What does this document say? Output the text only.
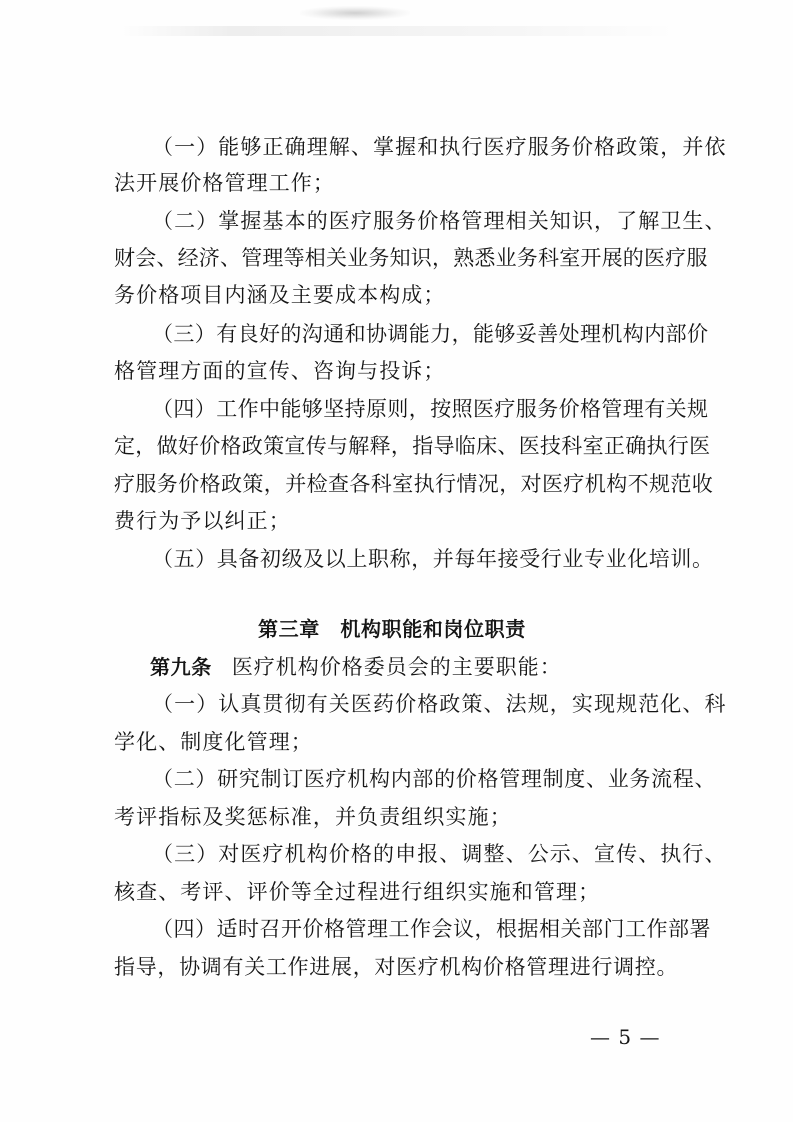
（一）能够正确理解、掌握和执行医疗服务价格政策，并依
法开展价格管理工作；
（二）掌握基本的医疗服务价格管理相关知识，了解卫生、
财会、经济、管理等相关业务知识，熟悉业务科室开展的医疗服
务价格项目内涵及主要成本构成；
（三）有良好的沟通和协调能力，能够妥善处理机构内部价
格管理方面的宣传、咨询与投诉；
（四）工作中能够坚持原则，按照医疗服务价格管理有关规
定，做好价格政策宣传与解释，指导临床、医技科室正确执行医
疗服务价格政策，并检查各科室执行情况，对医疗机构不规范收
费行为予以纠正；
（五）具备初级及以上职称，并每年接受行业专业化培训。
第三章　机构职能和岗位职责
第九条 医疗机构价格委员会的主要职能：
（一）认真贯彻有关医药价格政策、法规，实现规范化、科
学化、制度化管理；
（二）研究制订医疗机构内部的价格管理制度、业务流程、
考评指标及奖惩标准，并负责组织实施；
（三）对医疗机构价格的申报、调整、公示、宣传、执行、
核查、考评、评价等全过程进行组织实施和管理；
（四）适时召开价格管理工作会议，根据相关部门工作部署
指导，协调有关工作进展，对医疗机构价格管理进行调控。
— 5 —
